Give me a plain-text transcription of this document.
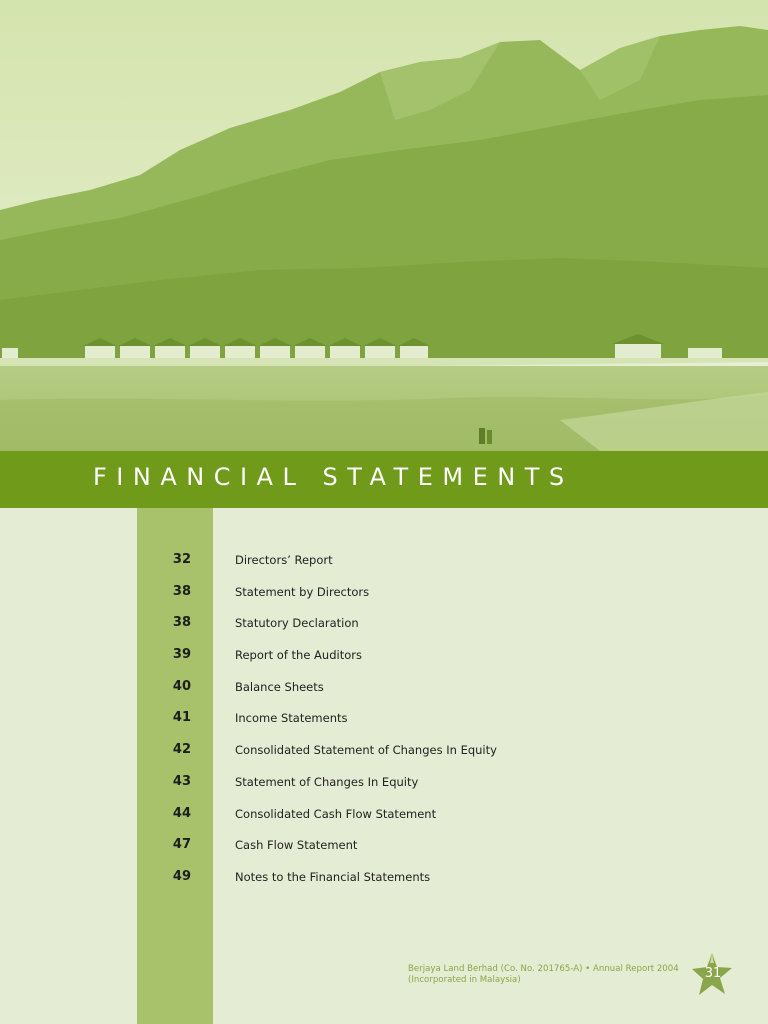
FINANCIAL STATEMENTS
32	Directors’ Report
38	Statement by Directors
38	Statutory Declaration
39	Report of the Auditors
40	Balance Sheets
41	Income Statements
42	Consolidated Statement of Changes In Equity
43	Statement of Changes In Equity
44	Consolidated Cash Flow Statement
47	Cash Flow Statement
49	Notes to the Financial Statements
Berjaya Land Berhad (Co. No. 201765-A) • Annual Report 2004
(Incorporated in Malaysia)	31
